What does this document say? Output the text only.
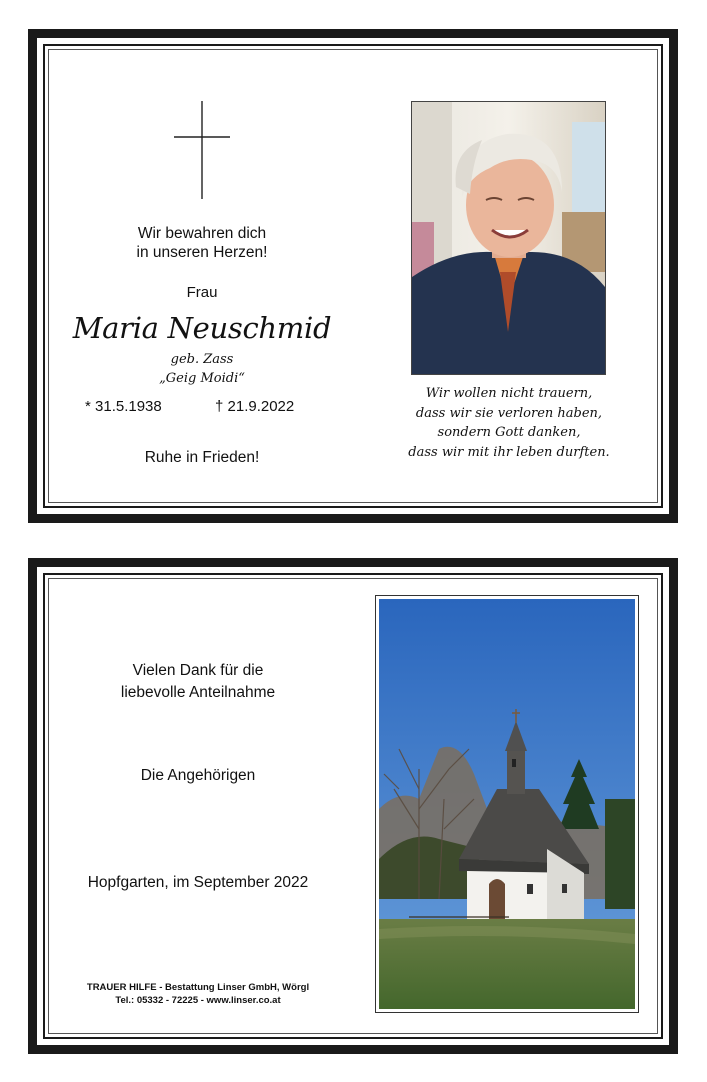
Wir bewahren dich
in unseren Herzen!
Frau
Maria Neuschmid
geb. Zass
„Geig Moidi“
* 31.5.1938	† 21.9.2022
Ruhe in Frieden!
Wir wollen nicht trauern,
dass wir sie verloren haben,
sondern Gott danken,
dass wir mit ihr leben durften.
Vielen Dank für die
liebevolle Anteilnahme
Die Angehörigen
Hopfgarten, im September 2022
TRAUER HILFE - Bestattung Linser GmbH, Wörgl
Tel.: 05332 - 72225 - www.linser.co.at
